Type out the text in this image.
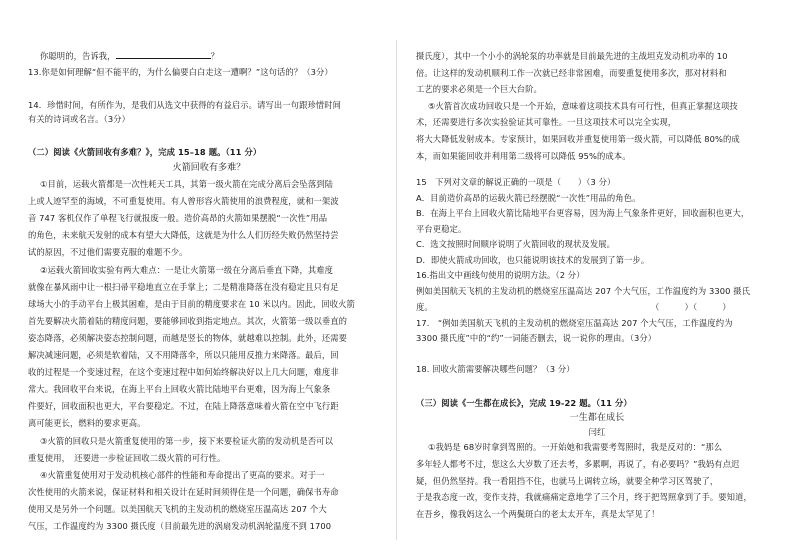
你聪明的，告诉我，	？
13.你是如何理解“但不能平的，为什么偏要白白走这一遭啊？”这句话的？（3分）
14．珍惜时间，有所作为，是我们从选文中获得的有益启示。请写出一句跟珍惜时间
有关的诗词或名言。（3分）
（二）阅读《火箭回收有多难？》，完成 15–18 题。（11 分）
火箭回收有多难？
①目前，运载火箭都是一次性耗天工具，其第一级火箭在完成分离后会坠落到陆
上或人迹罕至的海域，不可重复使用。有人曾形容火箭使用的浪费程度，就和一架波
音 747 客机仅作了单程飞行就报废一般。造价高昂的火箭如果摆脱“一次性”用品
的角色，未来航天发射的成本有望大大降低，这就是为什么人们历经失败仍然坚持尝
试的原因，不过他们需要克服的难题不少。
②运载火箭回收实验有两大难点：一是让火箭第一级在分离后垂直下降，其难度
就像在暴风雨中让一根扫帚平稳地直立在手掌上；二是精准降落在没有稳定且只有足
球场大小的手动平台上极其困难，是由于目前的精度要求在 10 米以内。因此，回收火箭
首先要解决火箭着陆的精度问题，要能够回收到指定地点。其次，火箭第一级以垂直的
姿态降落，必须解决姿态控制问题，而越是竖长的物体，就越难以控制。此外，还需要
解决减速问题，必须是软着陆，又不用降落伞，所以只能用反推力来降落。最后，回
收的过程是一个变速过程，在这个变速过程中如何始终解决好以上几大问题，难度非
常大。我回收平台来说，在海上平台上回收火箭比陆地平台更难，因为海上气象条
件要好，回收面积也更大，平台要稳定。不过，在陆上降落意味着火箭在空中飞行距
离可能更长，燃料的要求更高。
③火箭的回收只是火箭重复使用的第一步，接下来要检证火箭的发动机是否可以
重复使用，　还要进一步检证回收二级火箭的可行性。
④火箭重复使用对于发动机核心部件的性能和寿命提出了更高的要求。对于一
次性使用的火箭来说，保证材料和相关设计在延时间须得住是一个问题，确保书寿命
使用又是另外一个问题。以美国航天飞机的主发动机的燃烧室压温高达 207 个大
气压，工作温度约为 3300 摄氏度（目前最先进的涡扇发动机涡轮温度不到 1700
摄氏度），其中一个小小的涡轮泵的功率就是目前最先进的主战坦克发动机功率的 10
倍。让这样的发动机顺利工作一次就已经非常困难，而要重复使用多次，那对材料和
工艺的要求必须是一个巨大台阶。
⑤火箭首次成功回收只是一个开始，意味着这项技术具有可行性，但真正掌握这项技
术，还需要进行多次实验验证其可靠性。一旦这项技术可以完全实现，
将大大降低发射成本。专家预计，如果回收并重复使用第一级火箭，可以降低 80%的成
本，而如果能回收并利用第二级将可以降低 95%的成本。
15　下列对文章的解说正确的一项是（　　）（3 分）
A．目前造价高昂的运载火箭已经摆脱“一次性”用品的角色。
B．在海上平台上回收火箭比陆地平台更容易，因为海上气象条件更好，回收面积也更大，
平台更稳定。
C．选文按照时间顺序说明了火箭回收的现状及发展。
D．即使火箭成功回收，也只能说明该技术的发展到了第一步。
16.指出文中画线句使用的说明方法。（2 分）
例如美国航天飞机的主发动机的燃烧室压温高达 207 个大气压，工作温度约为 3300 摄氏
度。	（　　　）（　　　）
17.　“例如美国航天飞机的主发动机的燃烧室压温高达 207 个大气压，工作温度约为
3300 摄氏度”中的“约”一词能否删去，说一说你的理由。（3分）
18. 回收火箭需要解决哪些问题？（3 分）
（三）阅读《一生都在成长》，完成 19-22 题。（11 分）
一生都在成长
闫红
①我妈是 68岁时拿到驾照的。一开始她和我需要考驾照时，我是反对的：“那么
多年轻人都考不过，您这么大岁数了还去考，多累啊，再说了，有必要吗？”我妈有点迟
疑，但仍然坚持。我一看阻挡不住，也就马上调转立场，就要全种学习区驾驶了，
于是我态度一改，变作支持，我就痛痛定意地学了三个月，终于把驾照拿到了手。要知道，
在吾乡，像我妈这么一个两鬓斑白的老太太开车，真是太罕见了！
